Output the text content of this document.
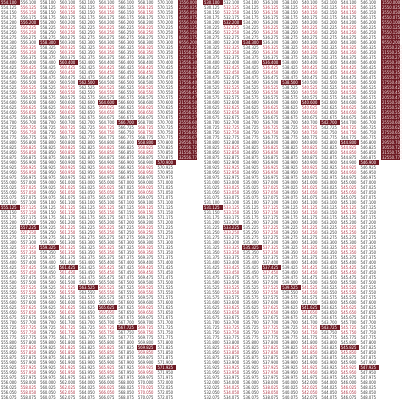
554.100 556.100 558.100 560.100 562.100 564.100 566.100 568.100 570.100
554.125 556.125 558.125 560.125 562.125 564.125 566.125 568.125 570.125
554.150 556.150 558.150 560.150 562.150 564.150 566.150 568.150 570.150
554.175 556.175 558.175 560.175 562.175 564.175 566.175 568.175 570.175
554.200 556.200 558.200 560.200 562.200 564.200 566.200 568.200 570.200
554.225 556.225 558.225 560.225 562.225 564.225 566.225 568.225 570.225
554.250 556.250 558.250 560.250 562.250 564.250 566.250 568.250 570.250
554.275 556.275 558.275 560.275 562.275 564.275 566.275 568.275 570.275
554.300 556.300 558.300 560.300 562.300 564.300 566.300 568.300 570.300
554.325 556.325 558.325 560.325 562.325 564.325 566.325 568.325 570.325
554.350 556.350 558.350 560.350 562.350 564.350 566.350 568.350 570.350
554.375 556.375 558.375 560.375 562.375 564.375 566.375 568.375 570.375
554.400 556.400 558.400 560.400 562.400 564.400 566.400 568.400 570.400
554.425 556.425 558.425 560.425 562.425 564.425 566.425 568.425 570.425
554.450 556.450 558.450 560.450 562.450 564.450 566.450 568.450 570.450
554.475 556.475 558.475 560.475 562.475 564.475 566.475 568.475 570.475
554.500 556.500 558.500 560.500 562.500 564.500 566.500 568.500 570.500
554.525 556.525 558.525 560.525 562.525 564.525 566.525 568.525 570.525
554.550 556.550 558.550 560.550 562.550 564.550 566.550 568.550 570.550
554.575 556.575 558.575 560.575 562.575 564.575 566.575 568.575 570.575
554.600 556.600 558.600 560.600 562.600 564.600 566.600 568.600 570.600
554.625 556.625 558.625 560.625 562.625 564.625 566.625 568.625 570.625
554.650 556.650 558.650 560.650 562.650 564.650 566.650 568.650 570.650
554.675 556.675 558.675 560.675 562.675 564.675 566.675 568.675 570.675
554.700 556.700 558.700 560.700 562.700 564.700 566.700 568.700 570.700
554.725 556.725 558.725 560.725 562.725 564.725 566.725 568.725 570.725
554.750 556.750 558.750 560.750 562.750 564.750 566.750 568.750 570.750
554.775 556.775 558.775 560.775 562.775 564.775 566.775 568.775 570.775
554.800 556.800 558.800 560.800 562.800 564.800 566.800 568.800 570.800
554.825 556.825 558.825 560.825 562.825 564.825 566.825 568.825 570.825
554.850 556.850 558.850 560.850 562.850 564.850 566.850 568.850 570.850
554.875 556.875 558.875 560.875 562.875 564.875 566.875 568.875 570.875
554.900 556.900 558.900 560.900 562.900 564.900 566.900 568.900 570.900
554.925 556.925 558.925 560.925 562.925 564.925 566.925 568.925 570.925
554.950 556.950 558.950 560.950 562.950 564.950 566.950 568.950 570.950
554.975 556.975 558.975 560.975 562.975 564.975 566.975 568.975 570.975
555.000 557.000 559.000 561.000 563.000 565.000 567.000 569.000 571.000
555.025 557.025 559.025 561.025 563.025 565.025 567.025 569.025 571.025
555.050 557.050 559.050 561.050 563.050 565.050 567.050 569.050 571.050
555.075 557.075 559.075 561.075 563.075 565.075 567.075 569.075 571.075
555.100 557.100 559.100 561.100 563.100 565.100 567.100 569.100 571.100
555.125 557.125 559.125 561.125 563.125 565.125 567.125 569.125 571.125
555.150 557.150 559.150 561.150 563.150 565.150 567.150 569.150 571.150
555.175 557.175 559.175 561.175 563.175 565.175 567.175 569.175 571.175
555.200 557.200 559.200 561.200 563.200 565.200 567.200 569.200 571.200
555.225 557.225 559.225 561.225 563.225 565.225 567.225 569.225 571.225
555.250 557.250 559.250 561.250 563.250 565.250 567.250 569.250 571.250
555.275 557.275 559.275 561.275 563.275 565.275 567.275 569.275 571.275
555.300 557.300 559.300 561.300 563.300 565.300 567.300 569.300 571.300
555.325 557.325 559.325 561.325 563.325 565.325 567.325 569.325 571.325
555.350 557.350 559.350 561.350 563.350 565.350 567.350 569.350 571.350
555.375 557.375 559.375 561.375 563.375 565.375 567.375 569.375 571.375
555.400 557.400 559.400 561.400 563.400 565.400 567.400 569.400 571.400
555.425 557.425 559.425 561.425 563.425 565.425 567.425 569.425 571.425
555.450 557.450 559.450 561.450 563.450 565.450 567.450 569.450 571.450
555.475 557.475 559.475 561.475 563.475 565.475 567.475 569.475 571.475
555.500 557.500 559.500 561.500 563.500 565.500 567.500 569.500 571.500
555.525 557.525 559.525 561.525 563.525 565.525 567.525 569.525 571.525
555.550 557.550 559.550 561.550 563.550 565.550 567.550 569.550 571.550
555.575 557.575 559.575 561.575 563.575 565.575 567.575 569.575 571.575
555.600 557.600 559.600 561.600 563.600 565.600 567.600 569.600 571.600
555.625 557.625 559.625 561.625 563.625 565.625 567.625 569.625 571.625
555.650 557.650 559.650 561.650 563.650 565.650 567.650 569.650 571.650
555.675 557.675 559.675 561.675 563.675 565.675 567.675 569.675 571.675
555.700 557.700 559.700 561.700 563.700 565.700 567.700 569.700 571.700
555.725 557.725 559.725 561.725 563.725 565.725 567.725 569.725 571.725
555.750 557.750 559.750 561.750 563.750 565.750 567.750 569.750 571.750
555.775 557.775 559.775 561.775 563.775 565.775 567.775 569.775 571.775
555.800 557.800 559.800 561.800 563.800 565.800 567.800 569.800 571.800
555.825 557.825 559.825 561.825 563.825 565.825 567.825 569.825 571.825
555.850 557.850 559.850 561.850 563.850 565.850 567.850 569.850 571.850
555.875 557.875 559.875 561.875 563.875 565.875 567.875 569.875 571.875
555.900 557.900 559.900 561.900 563.900 565.900 567.900 569.900 571.900
555.925 557.925 559.925 561.925 563.925 565.925 567.925 569.925 571.925
555.950 557.950 559.950 561.950 563.950 565.950 567.950 569.950 571.950
555.975 557.975 559.975 561.975 563.975 565.975 567.975 569.975 571.975
556.000 558.000 560.000 562.000 564.000 566.000 568.000 570.000 572.000
556.025 558.025 560.025 562.025 564.025 566.025 568.025 570.025 572.025
556.050 558.050 560.050 562.050 564.050 566.050 568.050 570.050 572.050
556.075 558.075 560.075 562.075 564.075 566.075 568.075 570.075 572.075
1 556.000
2 556.025
3 556.050
4 556.075
5 556.100
6 556.125
7 556.150
8 556.175
9 556.200
10 556.225
11 556.250
12 556.275
13 556.300
14 556.325
15 556.350
16 556.375
17 556.400
18 556.425
19 556.450
20 556.475
21 556.500
22 556.525
23 556.550
24 556.575
25 556.600
26 556.625
27 556.650
28 556.675
29 556.700
30 556.725
31 556.750
32 556.775
530.100 532.100 534.100 536.100 538.100 540.100 542.100 544.100 546.100
530.125 532.125 534.125 536.125 538.125 540.125 542.125 544.125 546.125
530.150 532.150 534.150 536.150 538.150 540.150 542.150 544.150 546.150
530.175 532.175 534.175 536.175 538.175 540.175 542.175 544.175 546.175
530.200 532.200 534.200 536.200 538.200 540.200 542.200 544.200 546.200
530.225 532.225 534.225 536.225 538.225 540.225 542.225 544.225 546.225
530.250 532.250 534.250 536.250 538.250 540.250 542.250 544.250 546.250
530.275 532.275 534.275 536.275 538.275 540.275 542.275 544.275 546.275
530.300 532.300 534.300 536.300 538.300 540.300 542.300 544.300 546.300
530.325 532.325 534.325 536.325 538.325 540.325 542.325 544.325 546.325
530.350 532.350 534.350 536.350 538.350 540.350 542.350 544.350 546.350
530.375 532.375 534.375 536.375 538.375 540.375 542.375 544.375 546.375
530.400 532.400 534.400 536.400 538.400 540.400 542.400 544.400 546.400
530.425 532.425 534.425 536.425 538.425 540.425 542.425 544.425 546.425
530.450 532.450 534.450 536.450 538.450 540.450 542.450 544.450 546.450
530.475 532.475 534.475 536.475 538.475 540.475 542.475 544.475 546.475
530.500 532.500 534.500 536.500 538.500 540.500 542.500 544.500 546.500
530.525 532.525 534.525 536.525 538.525 540.525 542.525 544.525 546.525
530.550 532.550 534.550 536.550 538.550 540.550 542.550 544.550 546.550
530.575 532.575 534.575 536.575 538.575 540.575 542.575 544.575 546.575
530.600 532.600 534.600 536.600 538.600 540.600 542.600 544.600 546.600
530.625 532.625 534.625 536.625 538.625 540.625 542.625 544.625 546.625
530.650 532.650 534.650 536.650 538.650 540.650 542.650 544.650 546.650
530.675 532.675 534.675 536.675 538.675 540.675 542.675 544.675 546.675
530.700 532.700 534.700 536.700 538.700 540.700 542.700 544.700 546.700
530.725 532.725 534.725 536.725 538.725 540.725 542.725 544.725 546.725
530.750 532.750 534.750 536.750 538.750 540.750 542.750 544.750 546.750
530.775 532.775 534.775 536.775 538.775 540.775 542.775 544.775 546.775
530.800 532.800 534.800 536.800 538.800 540.800 542.800 544.800 546.800
530.825 532.825 534.825 536.825 538.825 540.825 542.825 544.825 546.825
530.850 532.850 534.850 536.850 538.850 540.850 542.850 544.850 546.850
530.875 532.875 534.875 536.875 538.875 540.875 542.875 544.875 546.875
530.900 532.900 534.900 536.900 538.900 540.900 542.900 544.900 546.900
530.925 532.925 534.925 536.925 538.925 540.925 542.925 544.925 546.925
530.950 532.950 534.950 536.950 538.950 540.950 542.950 544.950 546.950
530.975 532.975 534.975 536.975 538.975 540.975 542.975 544.975 546.975
531.000 533.000 535.000 537.000 539.000 541.000 543.000 545.000 547.000
531.025 533.025 535.025 537.025 539.025 541.025 543.025 545.025 547.025
531.050 533.050 535.050 537.050 539.050 541.050 543.050 545.050 547.050
531.075 533.075 535.075 537.075 539.075 541.075 543.075 545.075 547.075
531.100 533.100 535.100 537.100 539.100 541.100 543.100 545.100 547.100
531.125 533.125 535.125 537.125 539.125 541.125 543.125 545.125 547.125
531.150 533.150 535.150 537.150 539.150 541.150 543.150 545.150 547.150
531.175 533.175 535.175 537.175 539.175 541.175 543.175 545.175 547.175
531.200 533.200 535.200 537.200 539.200 541.200 543.200 545.200 547.200
531.225 533.225 535.225 537.225 539.225 541.225 543.225 545.225 547.225
531.250 533.250 535.250 537.250 539.250 541.250 543.250 545.250 547.250
531.275 533.275 535.275 537.275 539.275 541.275 543.275 545.275 547.275
531.300 533.300 535.300 537.300 539.300 541.300 543.300 545.300 547.300
531.325 533.325 535.325 537.325 539.325 541.325 543.325 545.325 547.325
531.350 533.350 535.350 537.350 539.350 541.350 543.350 545.350 547.350
531.375 533.375 535.375 537.375 539.375 541.375 543.375 545.375 547.375
531.400 533.400 535.400 537.400 539.400 541.400 543.400 545.400 547.400
531.425 533.425 535.425 537.425 539.425 541.425 543.425 545.425 547.425
531.450 533.450 535.450 537.450 539.450 541.450 543.450 545.450 547.450
531.475 533.475 535.475 537.475 539.475 541.475 543.475 545.475 547.475
531.500 533.500 535.500 537.500 539.500 541.500 543.500 545.500 547.500
531.525 533.525 535.525 537.525 539.525 541.525 543.525 545.525 547.525
531.550 533.550 535.550 537.550 539.550 541.550 543.550 545.550 547.550
531.575 533.575 535.575 537.575 539.575 541.575 543.575 545.575 547.575
531.600 533.600 535.600 537.600 539.600 541.600 543.600 545.600 547.600
531.625 533.625 535.625 537.625 539.625 541.625 543.625 545.625 547.625
531.650 533.650 535.650 537.650 539.650 541.650 543.650 545.650 547.650
531.675 533.675 535.675 537.675 539.675 541.675 543.675 545.675 547.675
531.700 533.700 535.700 537.700 539.700 541.700 543.700 545.700 547.700
531.725 533.725 535.725 537.725 539.725 541.725 543.725 545.725 547.725
531.750 533.750 535.750 537.750 539.750 541.750 543.750 545.750 547.750
531.775 533.775 535.775 537.775 539.775 541.775 543.775 545.775 547.775
531.800 533.800 535.800 537.800 539.800 541.800 543.800 545.800 547.800
531.825 533.825 535.825 537.825 539.825 541.825 543.825 545.825 547.825
531.850 533.850 535.850 537.850 539.850 541.850 543.850 545.850 547.850
531.875 533.875 535.875 537.875 539.875 541.875 543.875 545.875 547.875
531.900 533.900 535.900 537.900 539.900 541.900 543.900 545.900 547.900
531.925 533.925 535.925 537.925 539.925 541.925 543.925 545.925 547.925
531.950 533.950 535.950 537.950 539.950 541.950 543.950 545.950 547.950
531.975 533.975 535.975 537.975 539.975 541.975 543.975 545.975 547.975
532.000 534.000 536.000 538.000 540.000 542.000 544.000 546.000 548.000
532.025 534.025 536.025 538.025 540.025 542.025 544.025 546.025 548.025
532.050 534.050 536.050 538.050 540.050 542.050 544.050 546.050 548.050
532.075 534.075 536.075 538.075 540.075 542.075 544.075 546.075 548.075
1 550.000
2 550.025
3 550.050
4 550.075
5 550.100
6 550.125
7 550.150
8 550.175
9 550.200
10 550.225
11 550.250
12 550.275
13 550.300
14 550.325
15 550.350
16 550.375
17 550.400
18 550.425
19 550.450
20 550.475
21 550.500
22 550.525
23 550.550
24 550.575
25 550.600
26 550.625
27 550.650
28 550.675
29 550.700
30 550.725
31 550.750
32 550.775
